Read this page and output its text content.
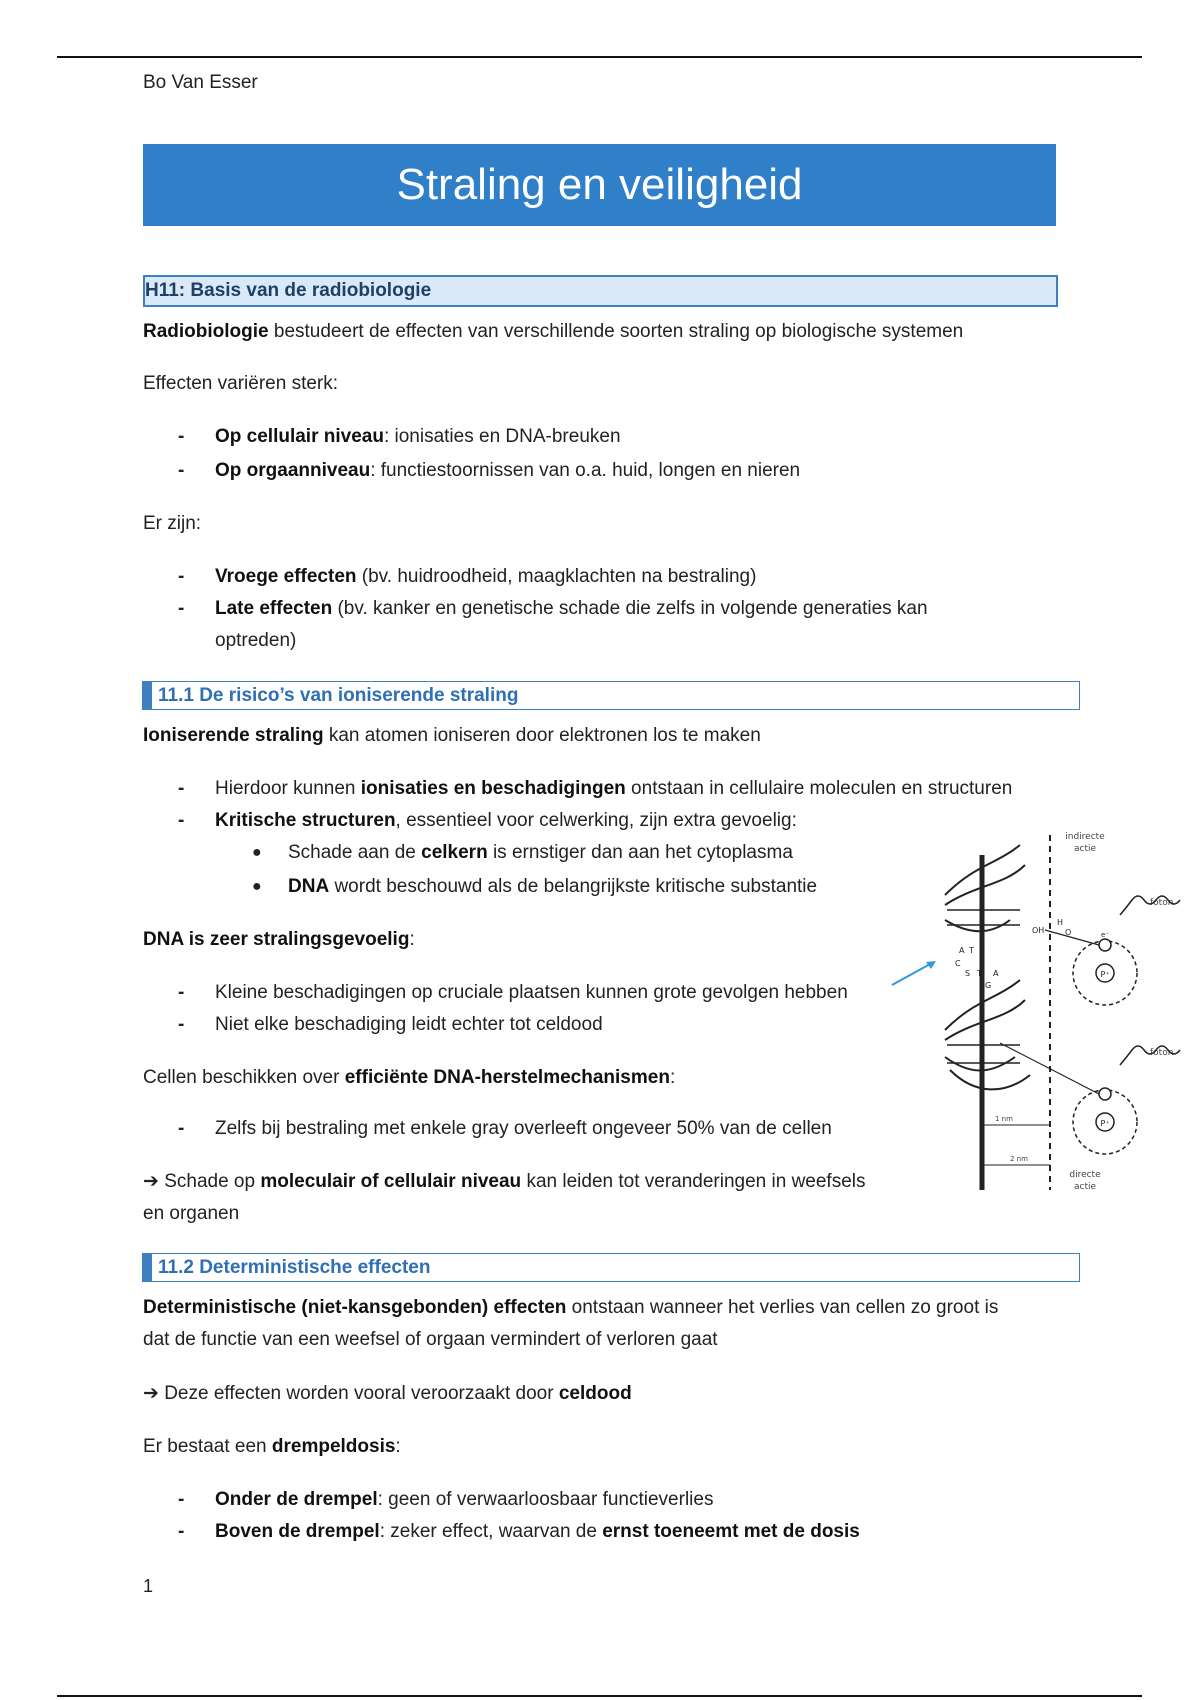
Bo Van Esser
Straling en veiligheid
H11: Basis van de radiobiologie
Radiobiologie bestudeert de effecten van verschillende soorten straling op biologische systemen
Effecten variëren sterk:
- Op cellulair niveau: ionisaties en DNA-breuken
- Op orgaanniveau: functiestoornissen van o.a. huid, longen en nieren
Er zijn:
- Vroege effecten (bv. huidroodheid, maagklachten na bestraling)
- Late effecten (bv. kanker en genetische schade die zelfs in volgende generaties kan
optreden)
11.1 De risico’s van ioniserende straling
Ioniserende straling kan atomen ioniseren door elektronen los te maken
- Hierdoor kunnen ionisaties en beschadigingen ontstaan in cellulaire moleculen en structuren
- Kritische structuren, essentieel voor celwerking, zijn extra gevoelig:
● Schade aan de celkern is ernstiger dan aan het cytoplasma
● DNA wordt beschouwd als de belangrijkste kritische substantie
DNA is zeer stralingsgevoelig:
- Kleine beschadigingen op cruciale plaatsen kunnen grote gevolgen hebben
- Niet elke beschadiging leidt echter tot celdood
Cellen beschikken over efficiënte DNA-herstelmechanismen:
- Zelfs bij bestraling met enkele gray overleeft ongeveer 50% van de cellen
➔ Schade op moleculair of cellulair niveau kan leiden tot veranderingen in weefsels
en organen
A T G
C
S T A
G
indirecte
actie
directe
actie
foton
foton
P⁺
e⁻
P⁺
OH
H
O
1 nm
2 nm
11.2 Deterministische effecten
Deterministische (niet-kansgebonden) effecten ontstaan wanneer het verlies van cellen zo groot is
dat de functie van een weefsel of orgaan vermindert of verloren gaat
➔ Deze effecten worden vooral veroorzaakt door celdood
Er bestaat een drempeldosis:
- Onder de drempel: geen of verwaarloosbaar functieverlies
- Boven de drempel: zeker effect, waarvan de ernst toeneemt met de dosis
1
